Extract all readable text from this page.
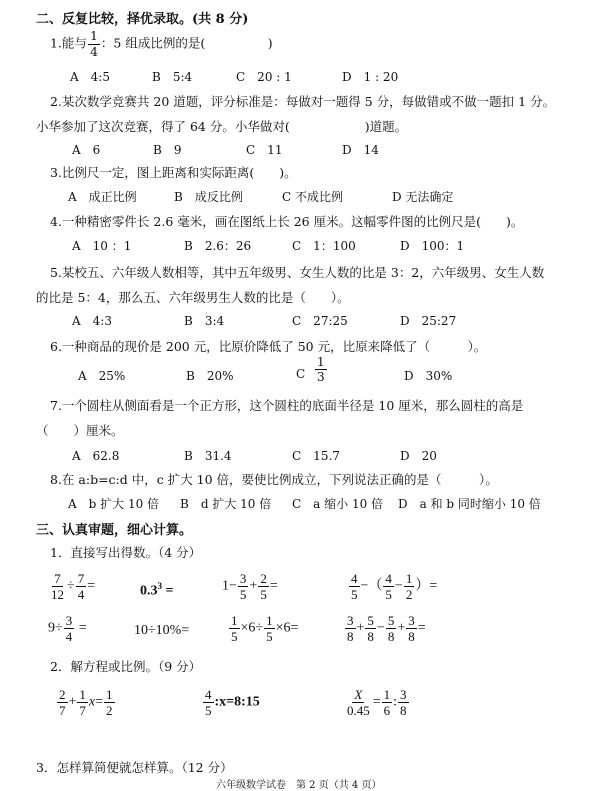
二、反复比较，择优录取。(共 8 分)
1.能与 $\frac{1}{4}$ ：5 组成比例的是(　　　　　)
A　4:5	B　5:4	C　20 : 1	D　1 : 20
2.某次数学竞赛共 20 道题，评分标准是：每做对一题得 5 分，每做错或不做一题扣 1 分。
小华参加了这次竞赛，得了 64 分。小华做对(　　　　　　)道题。
A　6	B　9	C　11	D　14
3.比例尺一定，图上距离和实际距离(　　)。
A　成正比例	B　成反比例	C 不成比例	D 无法确定
4.一种精密零件长 2.6 毫米，画在图纸上长 26 厘米。这幅零件图的比例尺是(　　)。
A　10 ：1	B　2.6：26	C　1：100	D　100：1
5.某校五、六年级人数相等，其中五年级男、女生人数的比是 3：2，六年级男、女生人数
的比是 5：4，那么五、六年级男生人数的比是（　　）。
A　4:3	B　3:4	C　27:25	D　25:27
6.一种商品的现价是 200 元，比原价降低了 50 元，比原来降低了（　　　）。
A　25%	B　20%	C $\frac{1}{3}$	D　30%
7.一个圆柱从侧面看是一个正方形，这个圆柱的底面半径是 10 厘米，那么圆柱的高是
（　　）厘米。
A　62.8	B　31.4	C　15.7	D　20
8.在 a:b=c:d 中，c 扩大 10 倍，要使比例成立，下列说法正确的是（　　　）。
A　b 扩大 10 倍 B　d 扩大 10 倍 C　a 缩小 10 倍 D　a 和 b 同时缩小 10 倍
三、认真审题，细心计算。
1．直接写出得数。（4 分）
$\frac{7}{12} \div \frac{7}{4}$ =	$0.3^3$ =	$1- \frac{3}{5} + \frac{2}{5}$ =	$\frac{4}{5}$ −（ $\frac{4}{5} - \frac{1}{2}$ ）=
$9\div \frac{3}{4}$ =	10÷10%=	$\frac{1}{5} \times 6\div \frac{1}{5} \times 6=$	$\frac{3}{8} + \frac{5}{8} - \frac{5}{8} + \frac{3}{8}$ =
2．解方程或比例。（9 分）
$\frac{2}{7} + \frac{1}{7} x= \frac{1}{2}$	$\frac{4}{5}$ :x=8:15	$\frac{X}{0.45} = \frac{1}{6}$ : $\frac{3}{8}$
3．怎样算简便就怎样算。（12 分）
六年级数学试卷　第 2 页（共 4 页）
